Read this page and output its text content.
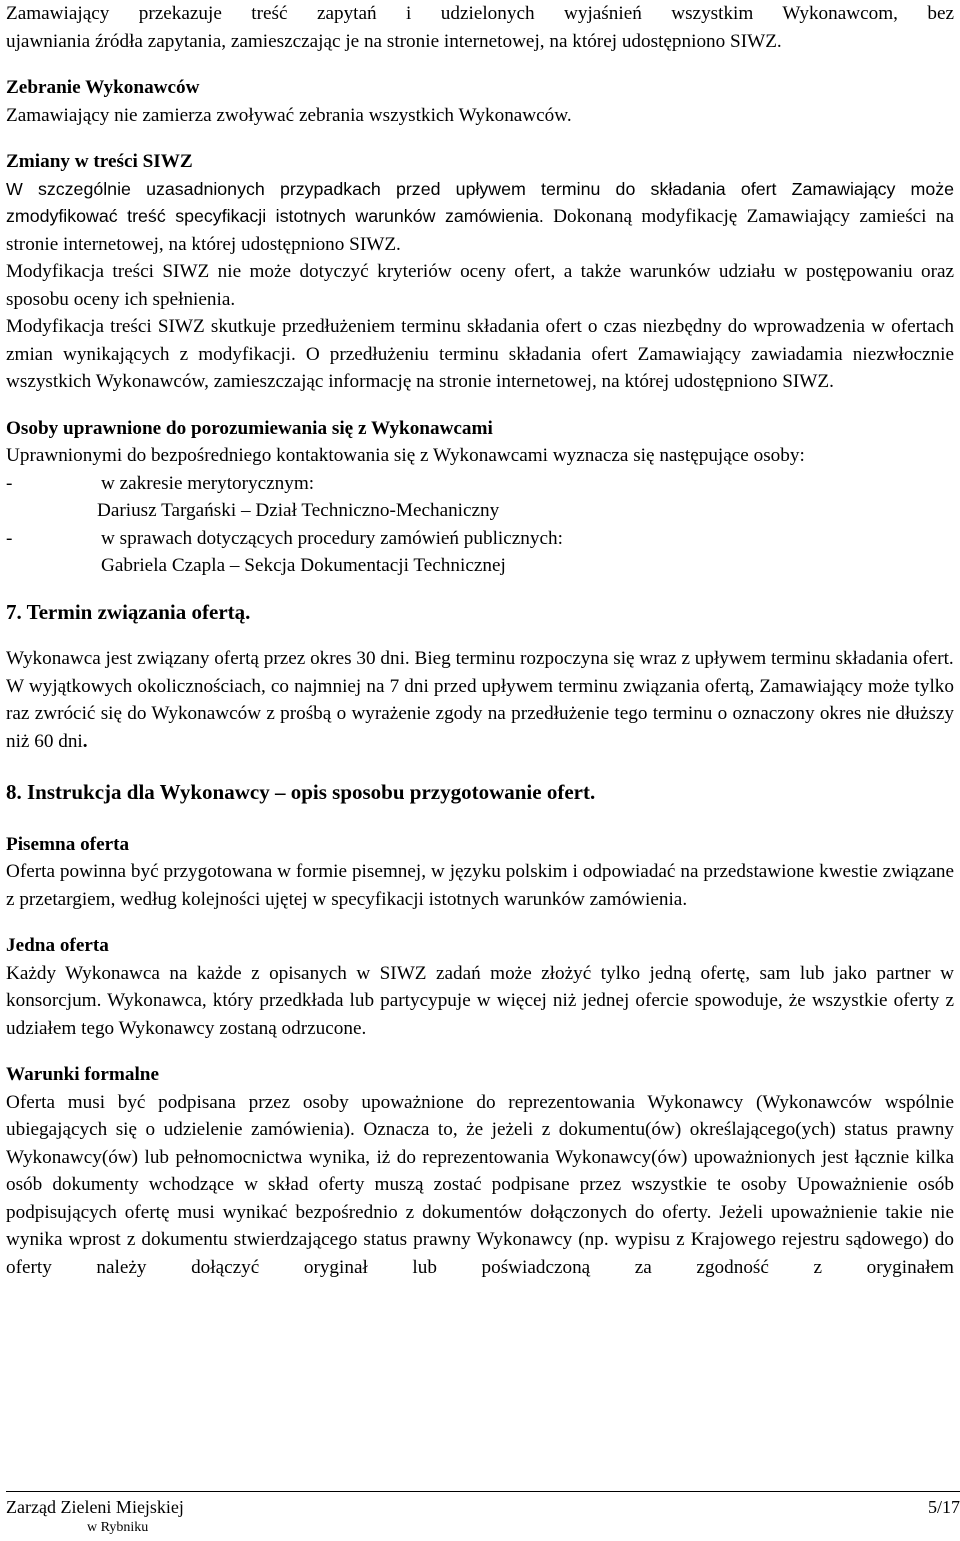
Zamawiający przekazuje treść zapytań i udzielonych wyjaśnień wszystkim Wykonawcom, bez

ujawniania źródła zapytania, zamieszczając je na stronie internetowej, na której udostępniono SIWZ.

Zebranie Wykonawców

Zamawiający nie zamierza zwoływać zebrania wszystkich Wykonawców.

Zmiany w treści SIWZ

W szczególnie uzasadnionych przypadkach przed upływem terminu do składania ofert Zamawiający może zmodyfikować treść specyfikacji istotnych warunków zamówienia. Dokonaną modyfikację Zamawiający zamieści na stronie internetowej, na której udostępniono SIWZ.

Modyfikacja treści SIWZ nie może dotyczyć kryteriów oceny ofert, a także warunków udziału w postępowaniu oraz sposobu oceny ich spełnienia.

Modyfikacja treści SIWZ skutkuje przedłużeniem terminu składania ofert o czas niezbędny do wprowadzenia w ofertach zmian wynikających z modyfikacji. O przedłużeniu terminu składania ofert Zamawiający zawiadamia niezwłocznie wszystkich Wykonawców, zamieszczając informację na stronie internetowej, na której udostępniono SIWZ.

Osoby uprawnione do porozumiewania się z Wykonawcami

Uprawnionymi do bezpośredniego kontaktowania się z Wykonawcami wyznacza się następujące osoby:

-	w zakresie merytorycznym:

Dariusz Targański – Dział Techniczno-Mechaniczny

-	w sprawach dotyczących procedury zamówień publicznych:

Gabriela Czapla – Sekcja Dokumentacji Technicznej

7. Termin związania ofertą.

Wykonawca jest związany ofertą przez okres 30 dni. Bieg terminu rozpoczyna się wraz z upływem terminu składania ofert.

W wyjątkowych okolicznościach, co najmniej na 7 dni przed upływem terminu związania ofertą, Zamawiający może tylko raz zwrócić się do Wykonawców z prośbą o wyrażenie zgody na przedłużenie tego terminu o oznaczony okres nie dłuższy niż 60 dni.

8. Instrukcja dla Wykonawcy – opis sposobu przygotowanie ofert.

Pisemna oferta

Oferta powinna być przygotowana w formie pisemnej, w języku polskim i odpowiadać na przedstawione kwestie związane z przetargiem, według kolejności ujętej w specyfikacji istotnych warunków zamówienia.

Jedna oferta

Każdy Wykonawca na każde z opisanych w SIWZ zadań może złożyć tylko jedną ofertę, sam lub jako partner w konsorcjum. Wykonawca, który przedkłada lub partycypuje w więcej niż jednej ofercie spowoduje, że wszystkie oferty z udziałem tego Wykonawcy zostaną odrzucone.

Warunki formalne

Oferta musi być podpisana przez osoby upoważnione do reprezentowania Wykonawcy (Wykonawców wspólnie ubiegających się o udzielenie zamówienia). Oznacza to, że jeżeli z dokumentu(ów) określającego(ych) status prawny Wykonawcy(ów) lub pełnomocnictwa wynika, iż do reprezentowania Wykonawcy(ów) upoważnionych jest łącznie kilka osób dokumenty wchodzące w skład oferty muszą zostać podpisane przez wszystkie te osoby Upoważnienie osób podpisujących ofertę musi wynikać bezpośrednio z dokumentów dołączonych do oferty. Jeżeli upoważnienie takie nie wynika wprost z dokumentu stwierdzającego status prawny Wykonawcy (np. wypisu z Krajowego rejestru sądowego) do oferty należy dołączyć oryginał lub poświadczoną za zgodność z oryginałem

Zarząd Zieleni Miejskiej	5/17
w Rybniku
